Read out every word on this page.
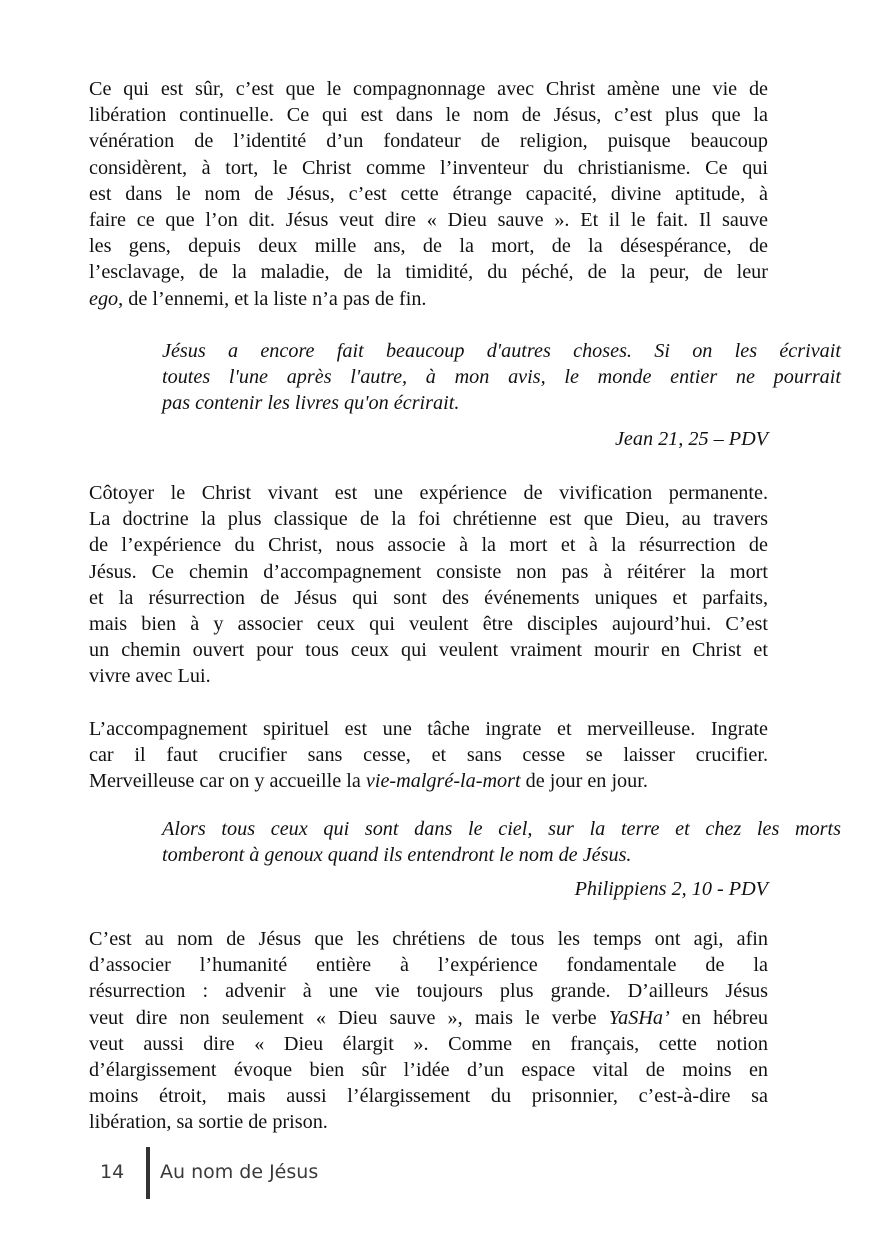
Ce qui est sûr, c’est que le compagnonnage avec Christ amène une vie de
libération continuelle. Ce qui est dans le nom de Jésus, c’est plus que la
vénération de l’identité d’un fondateur de religion, puisque beaucoup
considèrent, à tort, le Christ comme l’inventeur du christianisme. Ce qui
est dans le nom de Jésus, c’est cette étrange capacité, divine aptitude, à
faire ce que l’on dit. Jésus veut dire « Dieu sauve ». Et il le fait. Il sauve
les gens, depuis deux mille ans, de la mort, de la désespérance, de
l’esclavage, de la maladie, de la timidité, du péché, de la peur, de leur
ego, de l’ennemi, et la liste n’a pas de fin.

Jésus a encore fait beaucoup d'autres choses. Si on les écrivait
toutes l'une après l'autre, à mon avis, le monde entier ne pourrait
pas contenir les livres qu'on écrirait.
Jean 21, 25 – PDV

Côtoyer le Christ vivant est une expérience de vivification permanente.
La doctrine la plus classique de la foi chrétienne est que Dieu, au travers
de l’expérience du Christ, nous associe à la mort et à la résurrection de
Jésus. Ce chemin d’accompagnement consiste non pas à réitérer la mort
et la résurrection de Jésus qui sont des événements uniques et parfaits,
mais bien à y associer ceux qui veulent être disciples aujourd’hui. C’est
un chemin ouvert pour tous ceux qui veulent vraiment mourir en Christ et
vivre avec Lui.

L’accompagnement spirituel est une tâche ingrate et merveilleuse. Ingrate
car il faut crucifier sans cesse, et sans cesse se laisser crucifier.
Merveilleuse car on y accueille la vie-malgré-la-mort de jour en jour.

Alors tous ceux qui sont dans le ciel, sur la terre et chez les morts
tomberont à genoux quand ils entendront le nom de Jésus.
Philippiens 2, 10 - PDV

C’est au nom de Jésus que les chrétiens de tous les temps ont agi, afin
d’associer l’humanité entière à l’expérience fondamentale de la
résurrection : advenir à une vie toujours plus grande. D’ailleurs Jésus
veut dire non seulement « Dieu sauve », mais le verbe YaSHa’ en hébreu
veut aussi dire « Dieu élargit ». Comme en français, cette notion
d’élargissement évoque bien sûr l’idée d’un espace vital de moins en
moins étroit, mais aussi l’élargissement du prisonnier, c’est-à-dire sa
libération, sa sortie de prison.

14	Au nom de Jésus
